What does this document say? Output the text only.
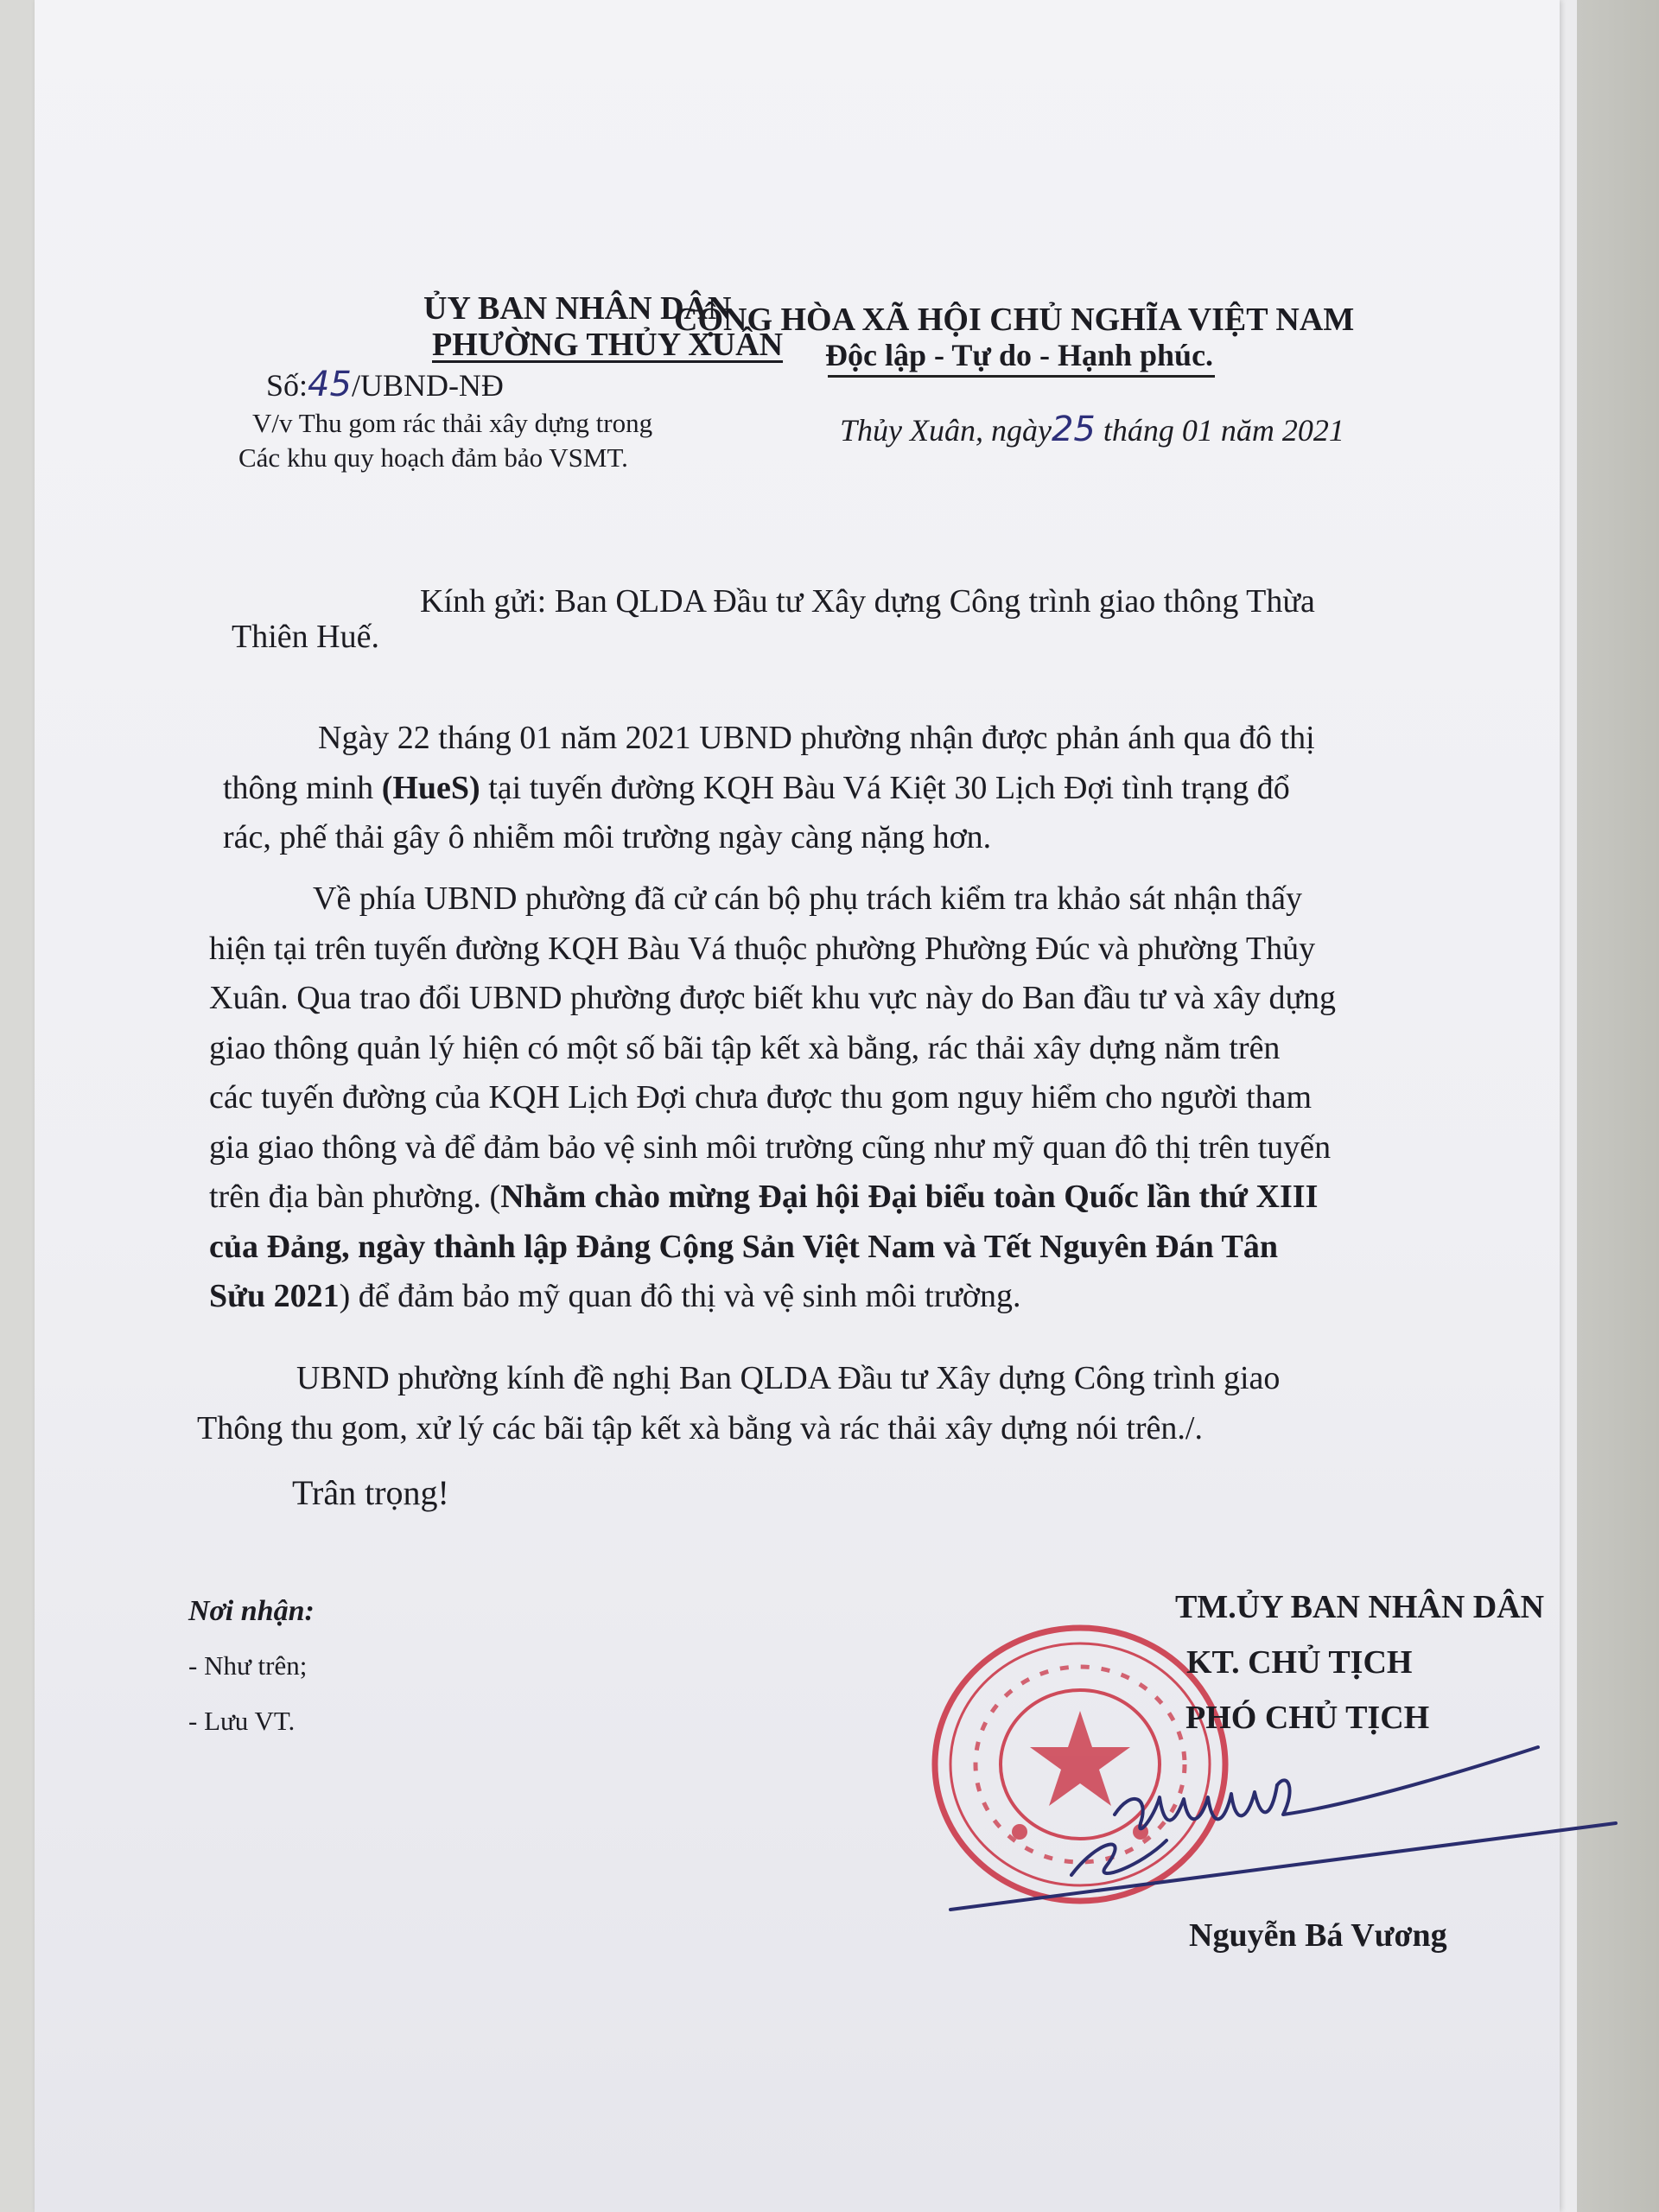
ỦY BAN NHÂN DÂN
PHƯỜNG THỦY XUÂN
Số:45/UBND-NĐ
V/v Thu gom rác thải xây dựng trong
Các khu quy hoạch đảm bảo VSMT.
CỘNG HÒA XÃ HỘI CHỦ NGHĨA VIỆT NAM
Độc lập - Tự do - Hạnh phúc.
Thủy Xuân, ngày25 tháng 01 năm 2021
Kính gửi: Ban QLDA Đầu tư Xây dựng Công trình giao thông Thừa
Thiên Huế.
Ngày 22 tháng 01 năm 2021 UBND phường nhận được phản ánh qua đô thị
thông minh (HueS) tại tuyến đường KQH Bàu Vá Kiệt 30 Lịch Đợi tình trạng đổ
rác, phế thải gây ô nhiễm môi trường ngày càng nặng hơn.
Về phía UBND phường đã cử cán bộ phụ trách kiểm tra khảo sát nhận thấy
hiện tại trên tuyến đường KQH Bàu Vá thuộc phường Phường Đúc và phường Thủy
Xuân. Qua trao đổi UBND phường được biết khu vực này do Ban đầu tư và xây dựng
giao thông quản lý hiện có một số bãi tập kết xà bằng, rác thải xây dựng nằm trên
các tuyến đường của KQH Lịch Đợi chưa được thu gom nguy hiểm cho người tham
gia giao thông và để đảm bảo vệ sinh môi trường cũng như mỹ quan đô thị trên tuyến
trên địa bàn phường. (Nhằm chào mừng Đại hội Đại biểu toàn Quốc lần thứ XIII
của Đảng, ngày thành lập Đảng Cộng Sản Việt Nam và Tết Nguyên Đán Tân
Sửu 2021) để đảm bảo mỹ quan đô thị và vệ sinh môi trường.
UBND phường kính đề nghị Ban QLDA Đầu tư Xây dựng Công trình giao
Thông thu gom, xử lý các bãi tập kết xà bằng và rác thải xây dựng nói trên./.
Trân trọng!
Nơi nhận:
- Như trên;
- Lưu VT.
TM.ỦY BAN NHÂN DÂN
KT. CHỦ TỊCH
PHÓ CHỦ TỊCH
Nguyễn Bá Vương
